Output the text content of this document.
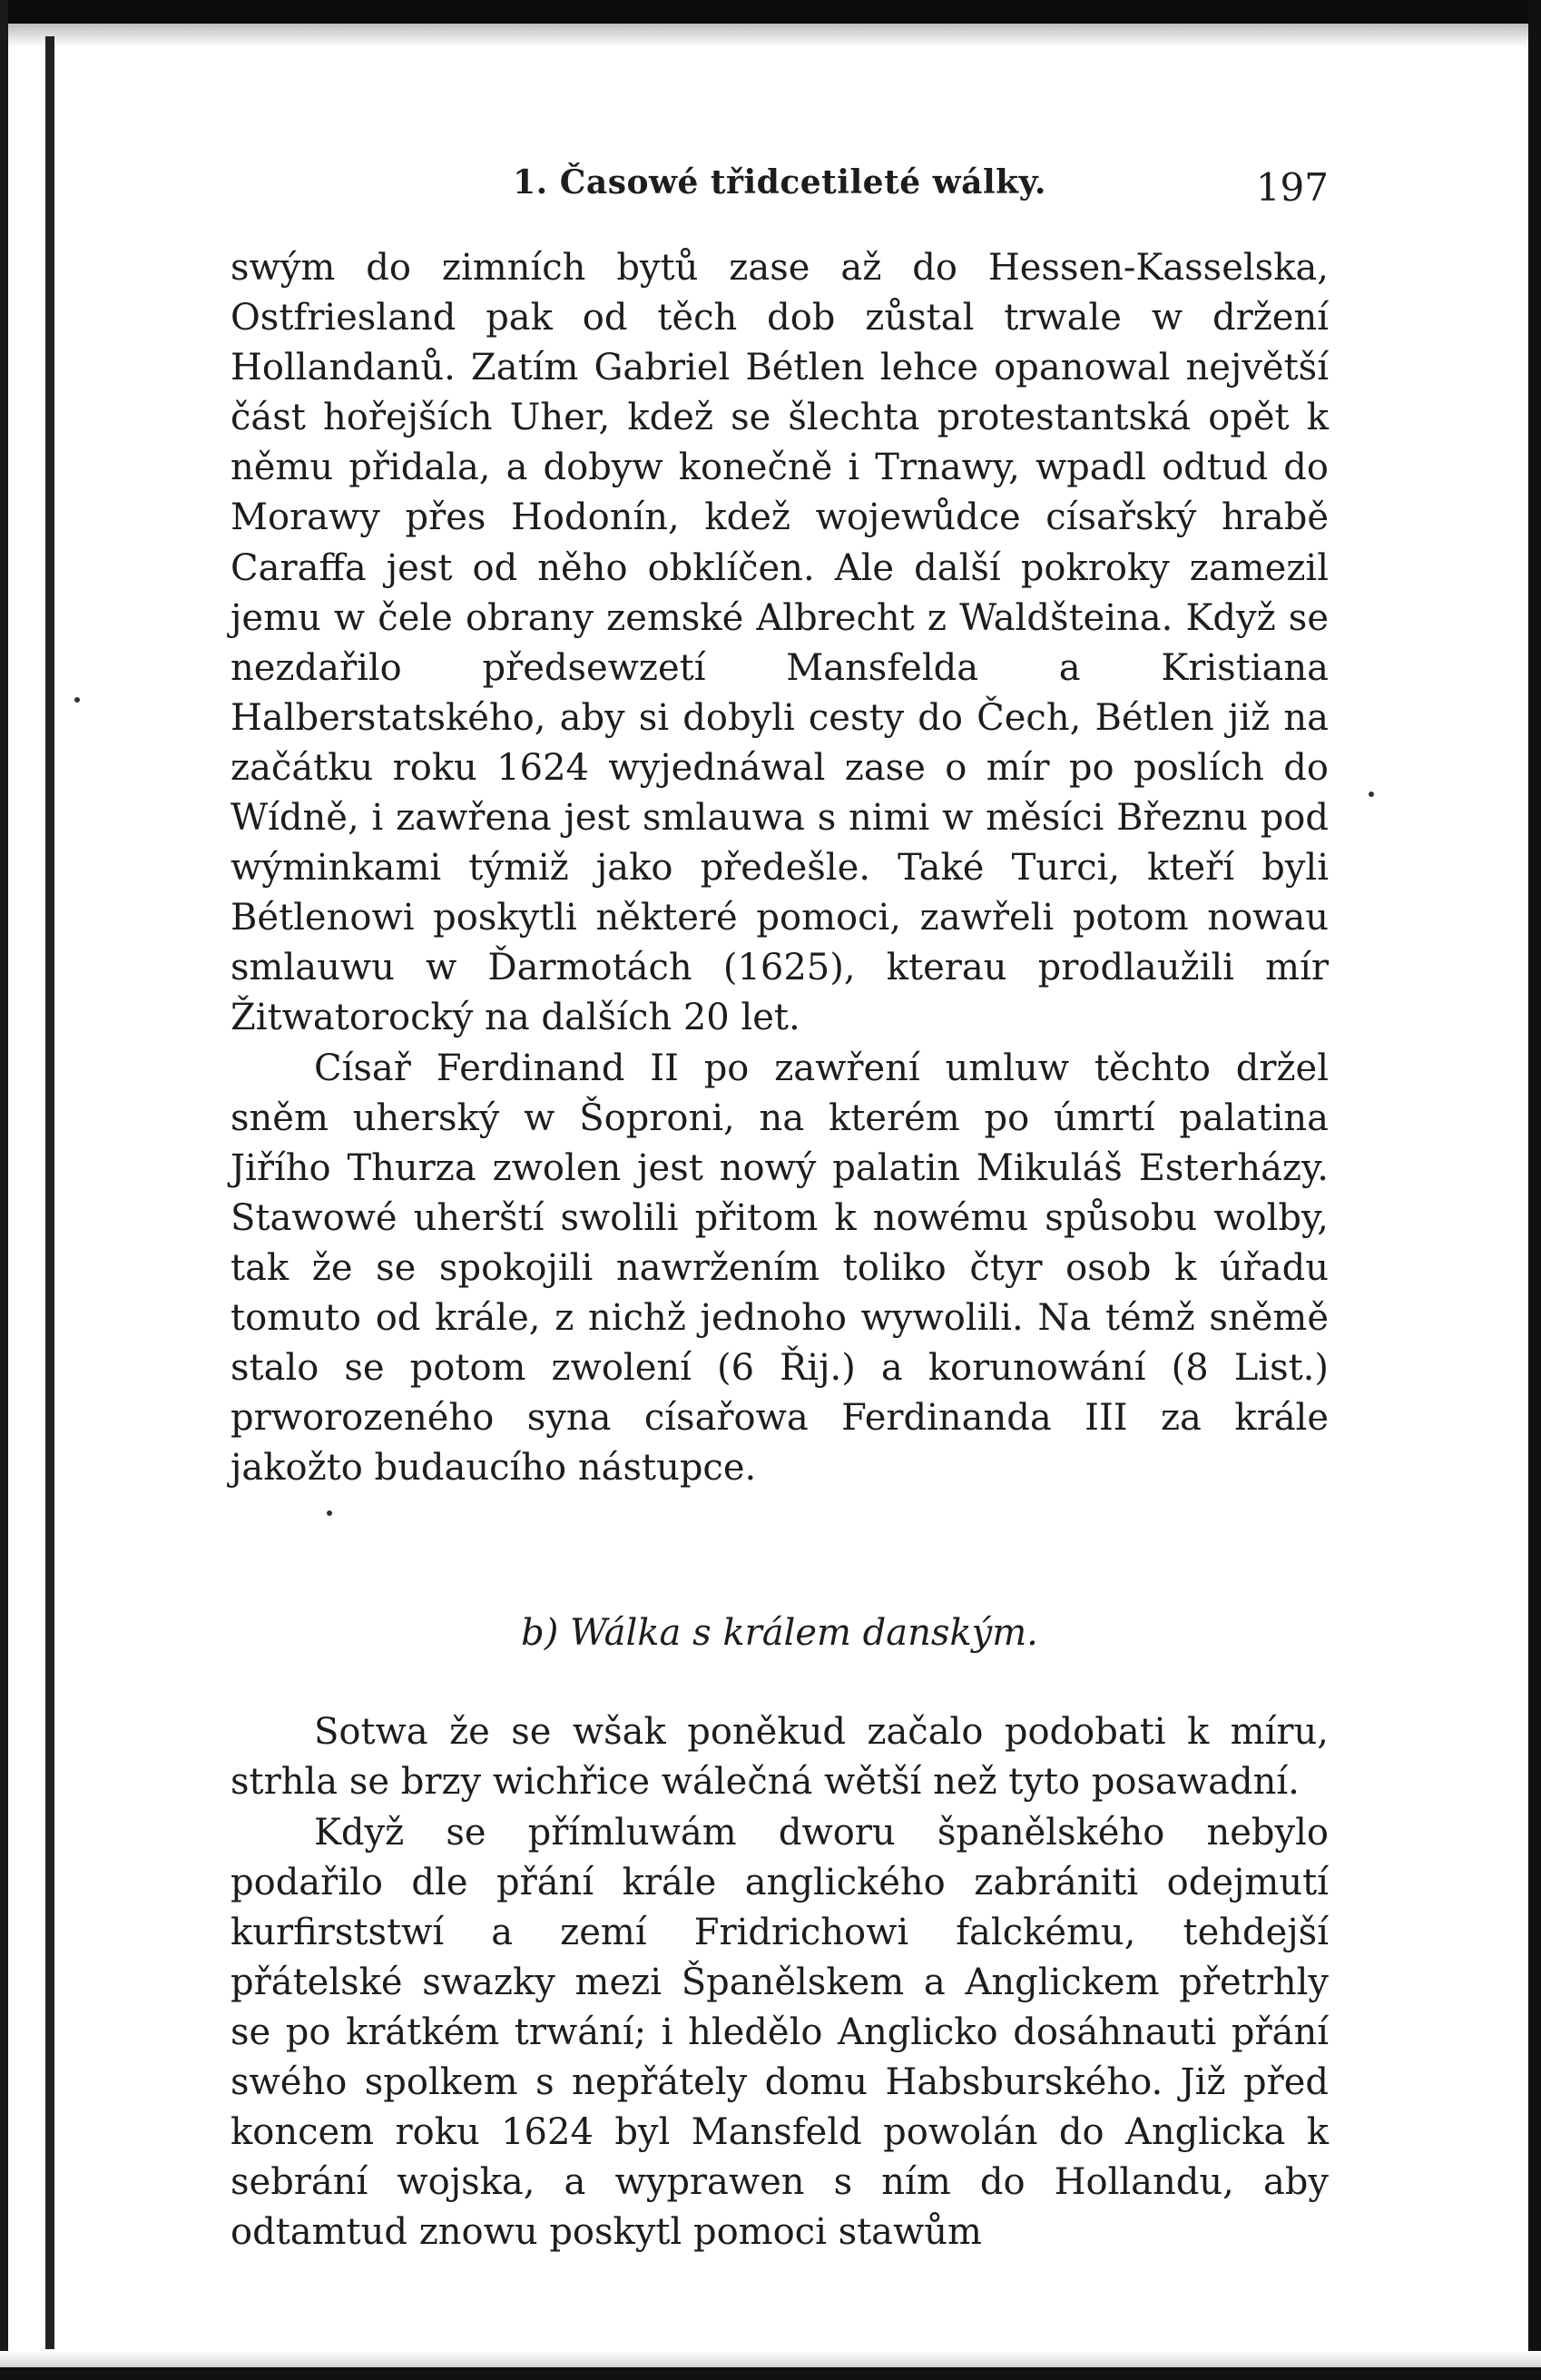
1. Časowé třidcetileté wálky.	197

swým do zimních bytů zase až do Hessen-Kasselska, Ostfriesland pak od těch dob zůstal trwale w držení Hollandanů. Zatím Gabriel Bétlen lehce opanowal největší část hořejších Uher, kdež se šlechta protestantská opět k němu přidala, a dobyw konečně i Trnawy, wpadl odtud do Morawy přes Hodonín, kdež wojewůdce císařský hrabě Caraffa jest od něho obklíčen. Ale další pokroky zamezil jemu w čele obrany zemské Albrecht z Waldšteina. Když se nezdařilo předsewzetí Mansfelda a Kristiana Halberstatského, aby si dobyli cesty do Čech, Bétlen již na začátku roku 1624 wyjednáwal zase o mír po poslích do Wídně, i zawřena jest smlauwa s nimi w měsíci Březnu pod wýminkami týmiž jako předešle. Také Turci, kteří byli Bétlenowi poskytli některé pomoci, zawřeli potom nowau smlauwu w Ďarmotách (1625), kterau prodlaužili mír Žitwatorocký na dalších 20 let.

Císař Ferdinand II po zawření umluw těchto držel sněm uherský w Šoproni, na kterém po úmrtí palatina Jiřího Thurza zwolen jest nowý palatin Mikuláš Esterházy. Stawowé uherští swolili přitom k nowému spůsobu wolby, tak že se spokojili nawržením toliko čtyr osob k úřadu tomuto od krále, z nichž jednoho wywolili. Na témž sněmě stalo se potom zwolení (6 Řij.) a korunowání (8 List.) prworozeného syna císařowa Ferdinanda III za krále jakožto budaucího nástupce.

b) Wálka s králem danským.

Sotwa že se wšak poněkud začalo podobati k míru, strhla se brzy wichřice wálečná wětší než tyto posawadní.

Když se přímluwám dworu španělského nebylo podařilo dle přání krále anglického zabrániti odejmutí kurfirststwí a zemí Fridrichowi falckému, tehdejší přátelské swazky mezi Španělskem a Anglickem přetrhly se po krátkém trwání; i hledělo Anglicko dosáhnauti přání swého spolkem s nepřátely domu Habsburského. Již před koncem roku 1624 byl Mansfeld powolán do Anglicka k sebrání wojska, a wyprawen s ním do Hollandu, aby odtamtud znowu poskytl pomoci stawům
